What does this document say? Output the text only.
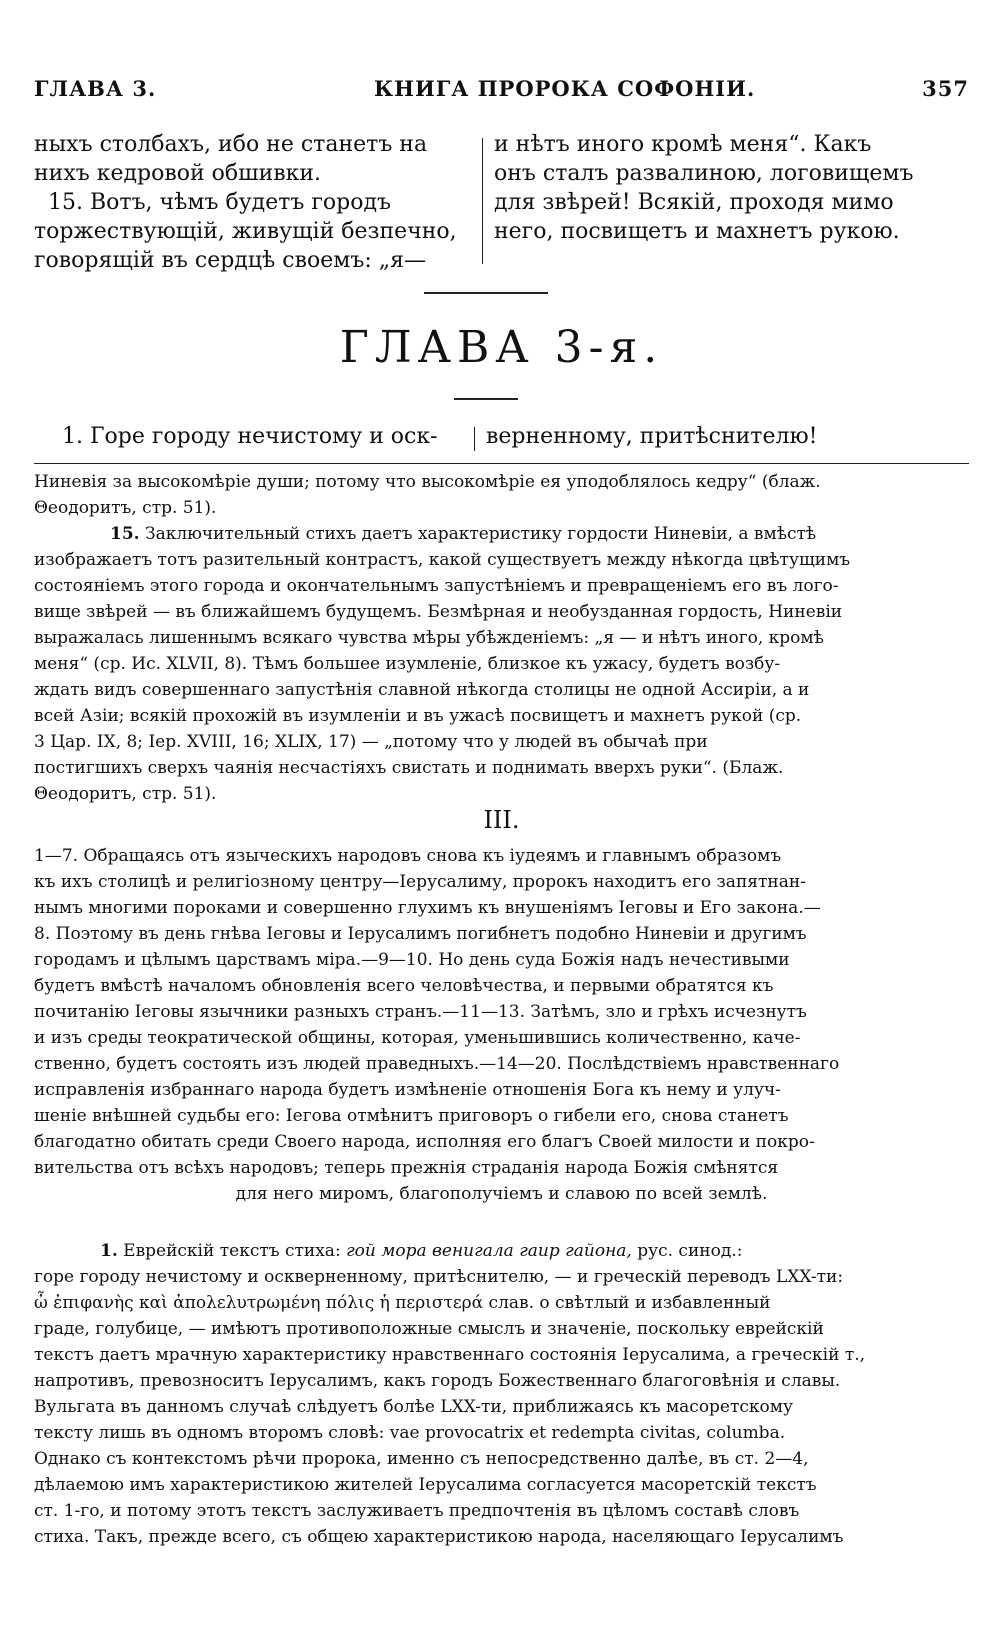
ГЛАВА 3.	КНИГА ПРОРОКА СОФОНІИ.	357
ныхъ столбахъ, ибо не станетъ на
нихъ кедровой обшивки.
15. Вотъ, чѣмъ будетъ городъ
торжествующій, живущій безпечно,
говорящій въ сердцѣ своемъ: „я—
и нѣтъ иного кромѣ меня“. Какъ
онъ сталъ развалиною, логовищемъ
для звѣрей! Всякій, проходя мимо
него, посвищетъ и махнетъ рукою.
ГЛАВА 3-я.
1. Горе городу нечистому и оск- верненному, притѣснителю!
Ниневія за высокомѣріе души; потому что высокомѣріе ея уподоблялось кедру“ (блаж.
Θеодоритъ, стр. 51).
15. Заключительный стихъ даетъ характеристику гордости Ниневіи, а вмѣстѣ
изображаетъ тотъ разительный контрастъ, какой существуетъ между нѣкогда цвѣтущимъ
состояніемъ этого города и окончательнымъ запустѣніемъ и превращеніемъ его въ лого-
вище звѣрей — въ ближайшемъ будущемъ. Безмѣрная и необузданная гордость, Ниневіи
выражалась лишеннымъ всякаго чувства мѣры убѣжденіемъ: „я — и нѣтъ иного, кромѣ
меня“ (ср. Ис. XLVII, 8). Тѣмъ большее изумленіе, близкое къ ужасу, будетъ возбу-
ждать видъ совершеннаго запустѣнія славной нѣкогда столицы не одной Ассиріи, а и
всей Азіи; всякій прохожій въ изумленіи и въ ужасѣ посвищетъ и махнетъ рукой (ср.
3 Цар. IX, 8; Іер. XVIII, 16; XLIX, 17) — „потому что у людей въ обычаѣ при
постигшихъ сверхъ чаянія несчастіяхъ свистать и поднимать вверхъ руки“. (Блаж.
Θеодоритъ, стр. 51).
III.
1—7. Обращаясь отъ языческихъ народовъ снова къ іудеямъ и главнымъ образомъ
къ ихъ столицѣ и религіозному центру—Іерусалиму, пророкъ находитъ его запятнан-
нымъ многими пороками и совершенно глухимъ къ внушеніямъ Іеговы и Его закона.—
8. Поэтому въ день гнѣва Іеговы и Іерусалимъ погибнетъ подобно Ниневіи и другимъ
городамъ и цѣлымъ царствамъ міра.—9—10. Но день суда Божія надъ нечестивыми
будетъ вмѣстѣ началомъ обновленія всего человѣчества, и первыми обратятся къ
почитанію Іеговы язычники разныхъ странъ.—11—13. Затѣмъ, зло и грѣхъ исчезнутъ
и изъ среды теократической общины, которая, уменьшившись количественно, каче-
ственно, будетъ состоять изъ людей праведныхъ.—14—20. Послѣдствіемъ нравственнаго
исправленія избраннаго народа будетъ измѣненіе отношенія Бога къ нему и улуч-
шеніе внѣшней судьбы его: Іегова отмѣнитъ приговоръ о гибели его, снова станетъ
благодатно обитать среди Своего народа, исполняя его благъ Своей милости и покро-
вительства отъ всѣхъ народовъ; теперь прежнія страданія народа Божія смѣнятся
для него миромъ, благополучіемъ и славою по всей землѣ.
1. Еврейскій текстъ стиха: гой мора венигала гаир гайона, рус. синод.:
горе городу нечистому и оскверненному, притѣснителю, — и греческій переводъ LXX-ти:
ὦ ἐπιφανὴς καὶ ἀπολελυτρωμένη πόλις ἡ περιστερά слав. о свѣтлый и избавленный
граде, голубице, — имѣютъ противоположные смыслъ и значеніе, поскольку еврейскій
текстъ даетъ мрачную характеристику нравственнаго состоянія Іерусалима, а греческій т.,
напротивъ, превозноситъ Іерусалимъ, какъ городъ Божественнаго благоговѣнія и славы.
Вульгата въ данномъ случаѣ слѣдуетъ болѣе LXX-ти, приближаясь къ масоретскому
тексту лишь въ одномъ второмъ словѣ: vae provocatrix et redempta civitas, columba.
Однако съ контекстомъ рѣчи пророка, именно съ непосредственно далѣе, въ ст. 2—4,
дѣлаемою имъ характеристикою жителей Іерусалима согласуется масоретскій текстъ
ст. 1-го, и потому этотъ текстъ заслуживаетъ предпочтенія въ цѣломъ составѣ словъ
стиха. Такъ, прежде всего, съ общею характеристикою народа, населяющаго Іерусалимъ
